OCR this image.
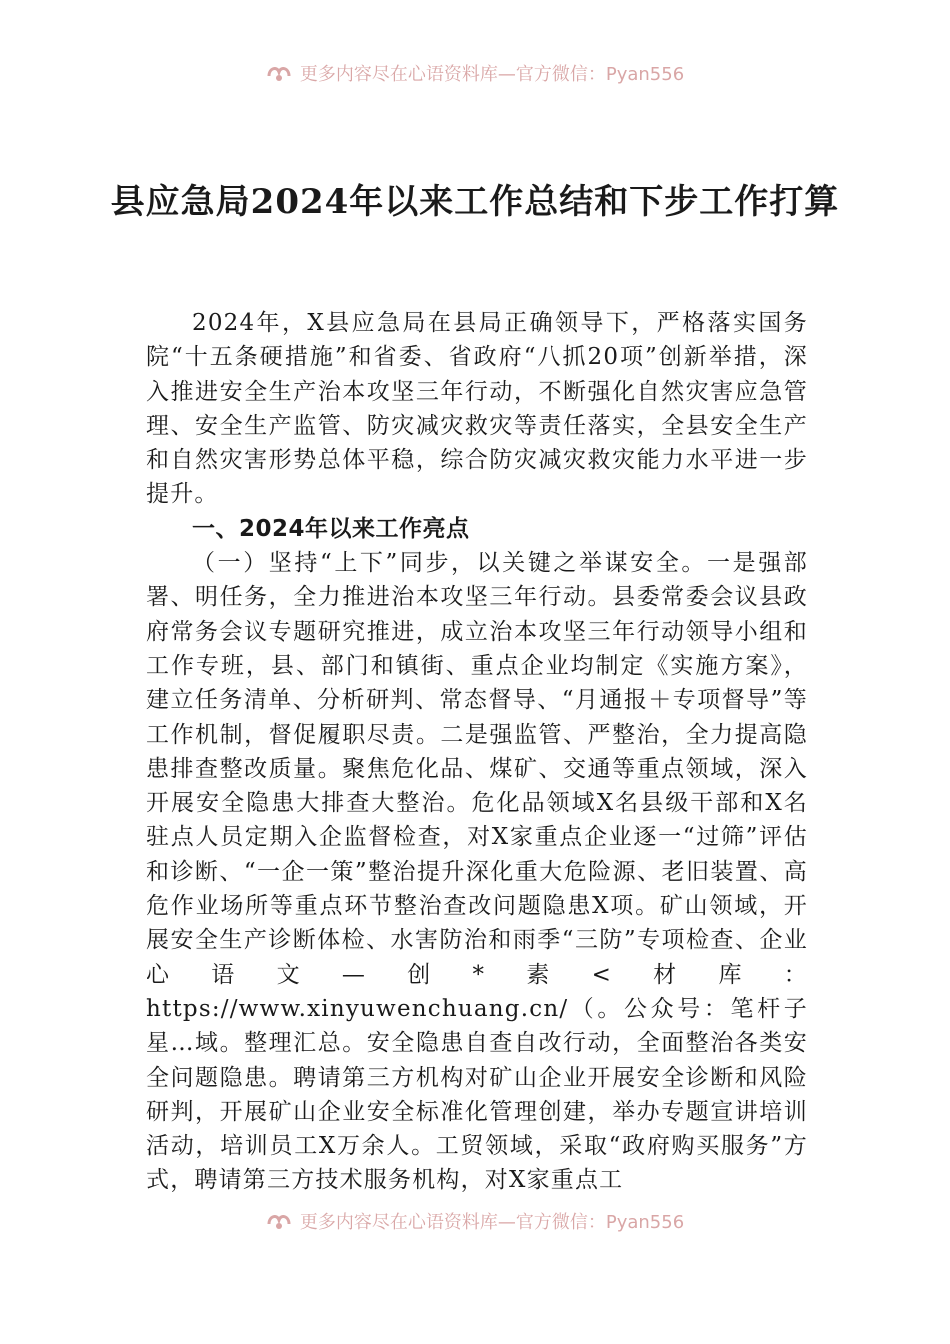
更多内容尽在心语资料库—官方微信：Pyan556
县应急局2024年以来工作总结和下步工作打算

2024年，X县应急局在县局正确领导下，严格落实国务院“十五条硬措施”和省委、省政府“八抓20项”创新举措，深入推进安全生产治本攻坚三年行动，不断强化自然灾害应急管理、安全生产监管、防灾减灾救灾等责任落实，全县安全生产和自然灾害形势总体平稳，综合防灾减灾救灾能力水平进一步提升。

一、2024年以来工作亮点

（一）坚持“上下”同步，以关键之举谋安全。一是强部署、明任务，全力推进治本攻坚三年行动。县委常委会议县政府常务会议专题研究推进，成立治本攻坚三年行动领导小组和工作专班，县、部门和镇街、重点企业均制定《实施方案》，建立任务清单、分析研判、常态督导、“月通报＋专项督导”等工作机制，督促履职尽责。二是强监管、严整治，全力提高隐患排查整改质量。聚焦危化品、煤矿、交通等重点领域，深入开展安全隐患大排查大整治。危化品领域X名县级干部和X名驻点人员定期入企监督检查，对X家重点企业逐一“过筛”评估和诊断、“一企一策”整治提升深化重大危险源、老旧装置、高危作业场所等重点环节整治查改问题隐患X项。矿山领域，开展安全生产诊断体检、水害防治和雨季“三防”专项检查、企业心语文—创*素<材库：https://www.xinyuwenchuang.cn/（。公众号：笔杆子星…域。整理汇总。安全隐患自查自改行动，全面整治各类安全问题隐患。聘请第三方机构对矿山企业开展安全诊断和风险研判，开展矿山企业安全标准化管理创建，举办专题宣讲培训活动，培训员工X万余人。工贸领域，采取“政府购买服务”方式，聘请第三方技术服务机构，对X家重点工

更多内容尽在心语资料库—官方微信：Pyan556
